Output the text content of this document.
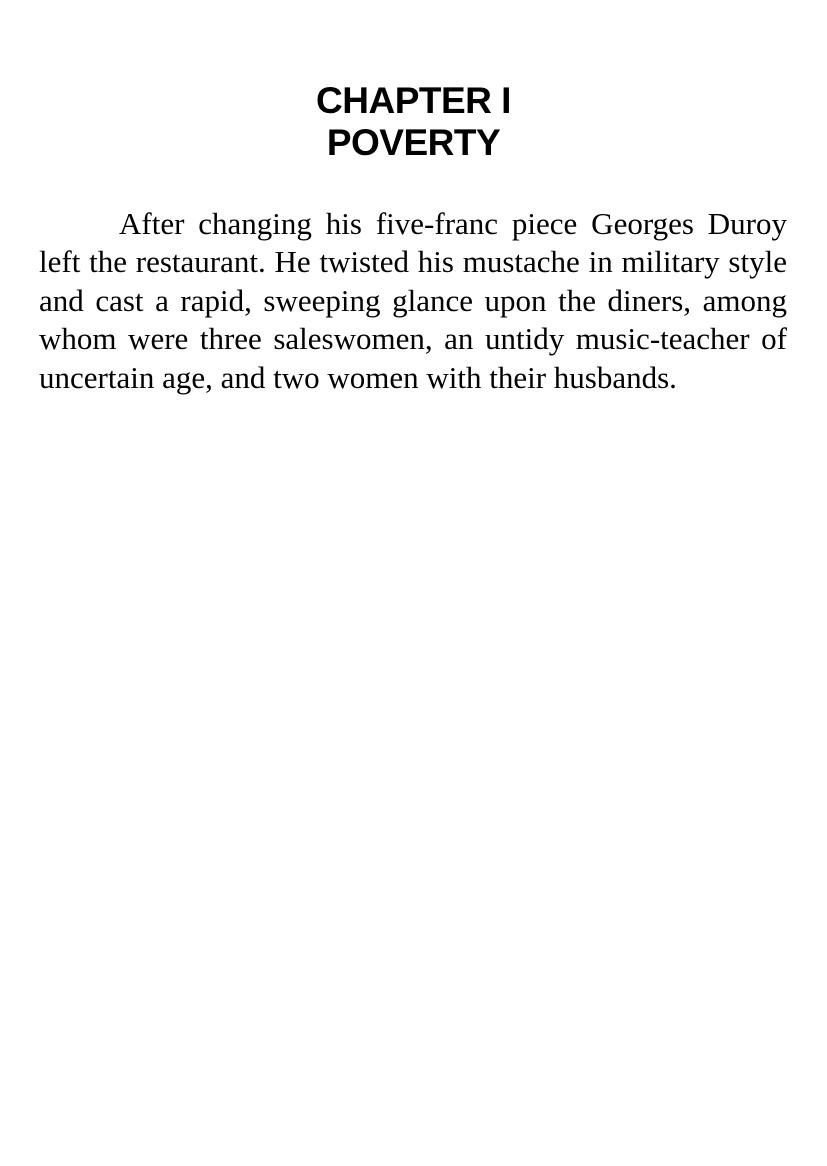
CHAPTER I
POVERTY

After changing his five-franc piece Georges Duroy left the restaurant. He twisted his mustache in military style and cast a rapid, sweeping glance upon the diners, among whom were three saleswomen, an untidy music-teacher of uncertain age, and two women with their husbands.
